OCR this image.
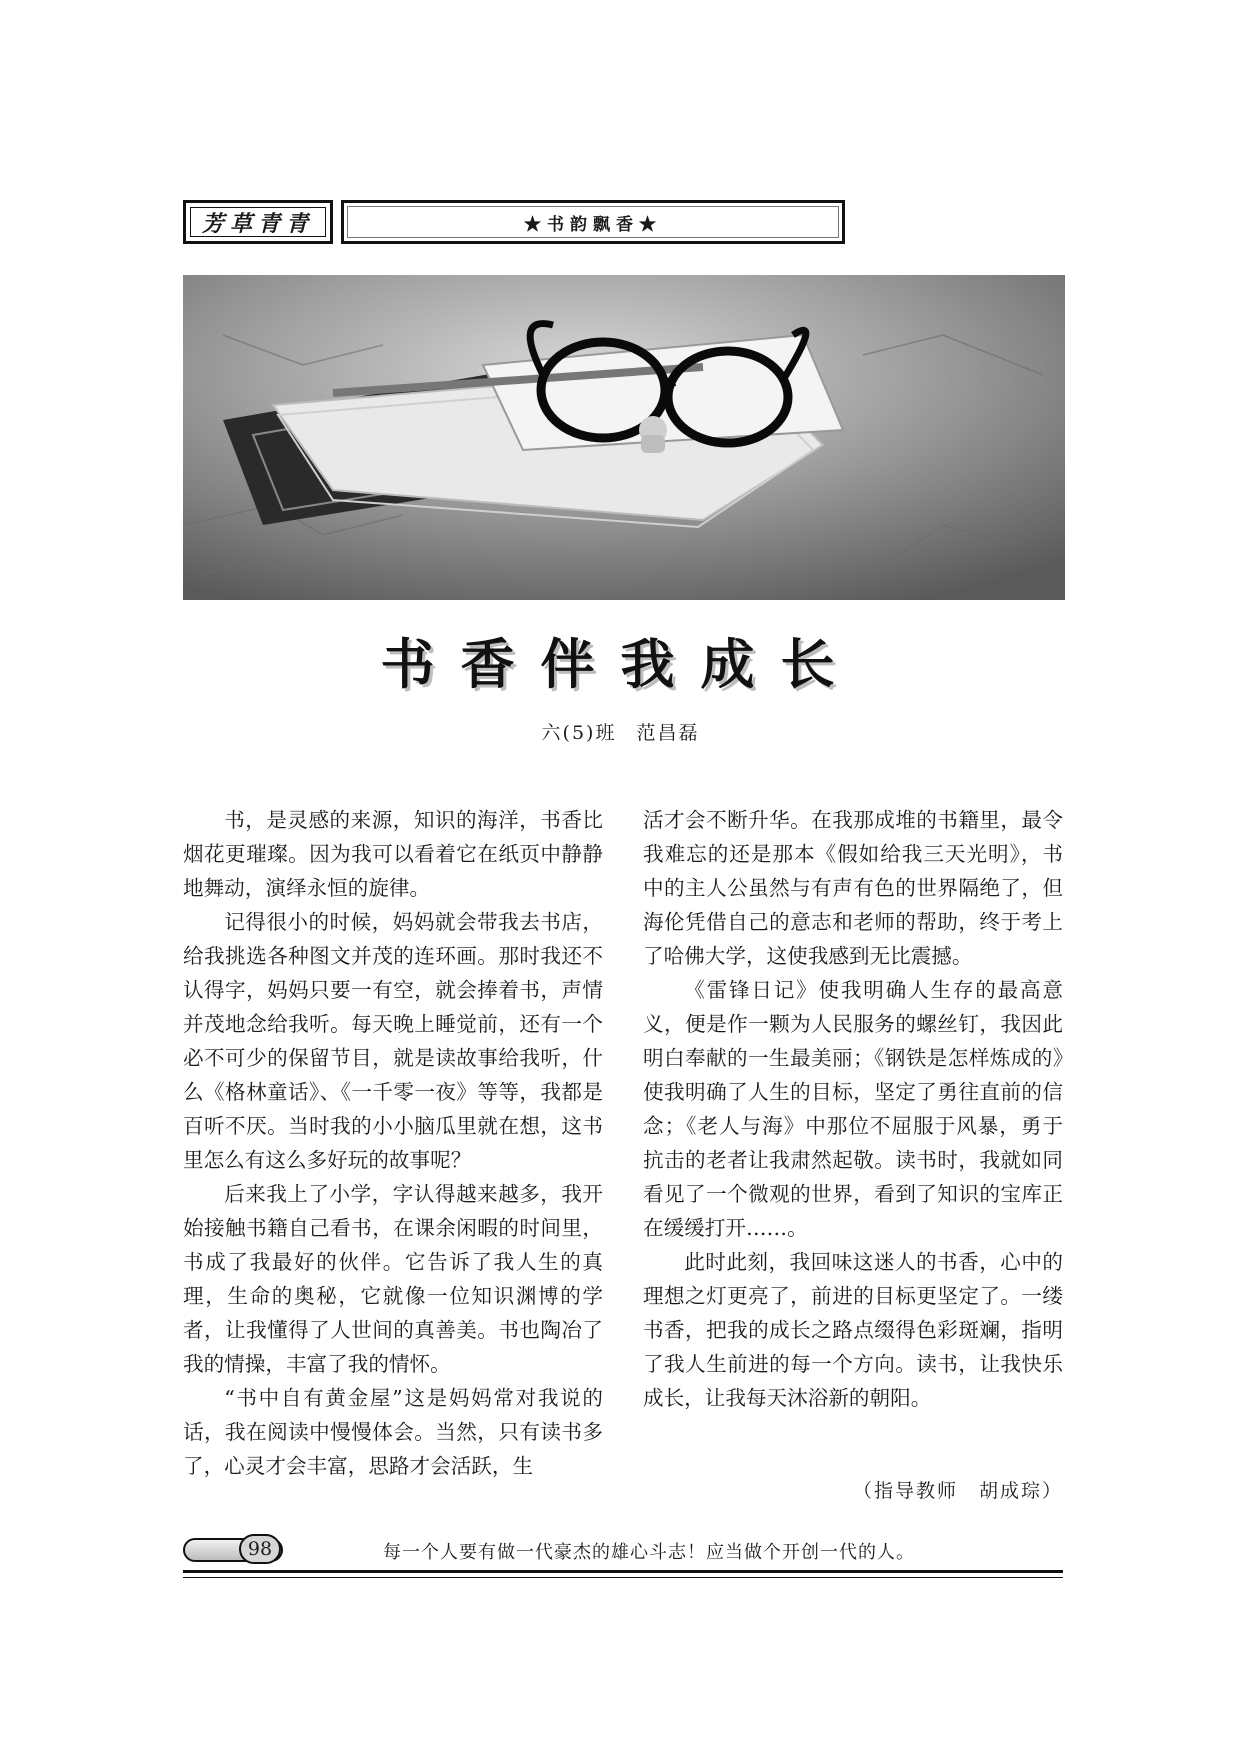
芳草青青	★书韵飘香★
书香伴我成长
六(5)班 范昌磊

书，是灵感的来源，知识的海洋，书香比烟花更璀璨。因为我可以看着它在纸页中静静地舞动，演绎永恒的旋律。

记得很小的时候，妈妈就会带我去书店，给我挑选各种图文并茂的连环画。那时我还不认得字，妈妈只要一有空，就会捧着书，声情并茂地念给我听。每天晚上睡觉前，还有一个必不可少的保留节目，就是读故事给我听，什么《格林童话》、《一千零一夜》等等，我都是百听不厌。当时我的小小脑瓜里就在想，这书里怎么有这么多好玩的故事呢？

后来我上了小学，字认得越来越多，我开始接触书籍自己看书，在课余闲暇的时间里，书成了我最好的伙伴。它告诉了我人生的真理，生命的奥秘，它就像一位知识渊博的学者，让我懂得了人世间的真善美。书也陶冶了我的情操，丰富了我的情怀。

“书中自有黄金屋”这是妈妈常对我说的话，我在阅读中慢慢体会。当然，只有读书多了，心灵才会丰富，思路才会活跃，生

活才会不断升华。在我那成堆的书籍里，最令我难忘的还是那本《假如给我三天光明》，书中的主人公虽然与有声有色的世界隔绝了，但海伦凭借自己的意志和老师的帮助，终于考上了哈佛大学，这使我感到无比震撼。

《雷锋日记》使我明确人生存的最高意义，便是作一颗为人民服务的螺丝钉，我因此明白奉献的一生最美丽；《钢铁是怎样炼成的》使我明确了人生的目标，坚定了勇往直前的信念；《老人与海》中那位不屈服于风暴，勇于抗击的老者让我肃然起敬。读书时，我就如同看见了一个微观的世界，看到了知识的宝库正在缓缓打开……。

此时此刻，我回味这迷人的书香，心中的理想之灯更亮了，前进的目标更坚定了。一缕书香，把我的成长之路点缀得色彩斑斓，指明了我人生前进的每一个方向。读书，让我快乐成长，让我每天沐浴新的朝阳。

（指导教师　胡成琮）
98	每一个人要有做一代豪杰的雄心斗志！应当做个开创一代的人。
